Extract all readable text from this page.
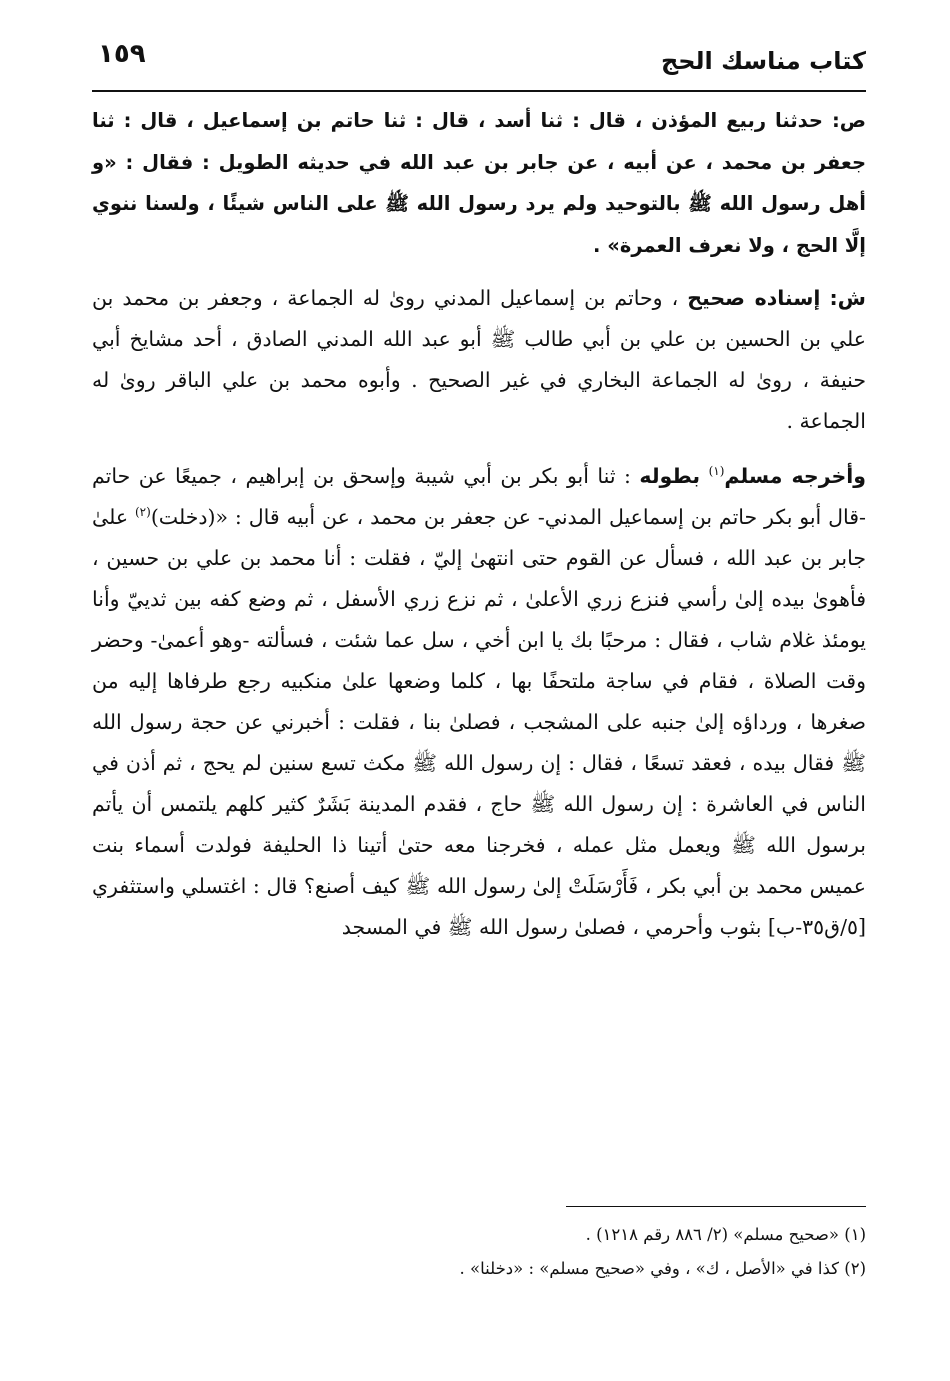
كتاب مناسك الحج
١٥٩

ص: حدثنا ربيع المؤذن ، قال : ثنا أسد ، قال : ثنا حاتم بن إسماعيل ، قال : ثنا جعفر بن محمد ، عن أبيه ، عن جابر بن عبد الله في حديثه الطويل : فقال : «و أهل رسول الله ﷺ بالتوحيد ولم يرد رسول الله ﷺ على الناس شيئًا ، ولسنا ننوي إلَّا الحج ، ولا نعرف العمرة» .

ش: إسناده صحيح ، وحاتم بن إسماعيل المدني روىٰ له الجماعة ، وجعفر بن محمد بن علي بن الحسين بن علي بن أبي طالب ﷺ أبو عبد الله المدني الصادق ، أحد مشايخ أبي حنيفة ، روىٰ له الجماعة البخاري في غير الصحيح . وأبوه محمد بن علي الباقر روىٰ له الجماعة .

وأخرجه مسلم$^{(١)}$ بطوله : ثنا أبو بكر بن أبي شيبة وإسحق بن إبراهيم ، جميعًا عن حاتم -قال أبو بكر حاتم بن إسماعيل المدني- عن جعفر بن محمد ، عن أبيه قال : «(دخلت)$^{(٢)}$ علىٰ جابر بن عبد الله ، فسأل عن القوم حتى انتهىٰ إليّ ، فقلت : أنا محمد بن علي بن حسين ، فأهوىٰ بيده إلىٰ رأسي فنزع زري الأعلىٰ ، ثم نزع زري الأسفل ، ثم وضع كفه بين ثدييّ وأنا يومئذ غلام شاب ، فقال : مرحبًا بك يا ابن أخي ، سل عما شئت ، فسألته -وهو أعمىٰ- وحضر وقت الصلاة ، فقام في ساجة ملتحفًا بها ، كلما وضعها علىٰ منكبيه رجع طرفاها إليه من صغرها ، ورداؤه إلىٰ جنبه على المشجب ، فصلىٰ بنا ، فقلت : أخبرني عن حجة رسول الله ﷺ فقال بيده ، فعقد تسعًا ، فقال : إن رسول الله ﷺ مكث تسع سنين لم يحج ، ثم أذن في الناس في العاشرة : إن رسول الله ﷺ حاج ، فقدم المدينة بَشَرٌ كثير كلهم يلتمس أن يأتم برسول الله ﷺ ويعمل مثل عمله ، فخرجنا معه حتىٰ أتينا ذا الحليفة فولدت أسماء بنت عميس محمد بن أبي بكر ، فَأَرْسَلَتْ إلىٰ رسول الله ﷺ كيف أصنع؟ قال : اغتسلي واستثفري [٥/ق٣٥-ب] بثوب وأحرمي ، فصلىٰ رسول الله ﷺ في المسجد

(١) «صحيح مسلم» (٢/ ٨٨٦ رقم ١٢١٨) .

(٢) كذا في «الأصل ، ك» ، وفي «صحيح مسلم» : «دخلنا» .
